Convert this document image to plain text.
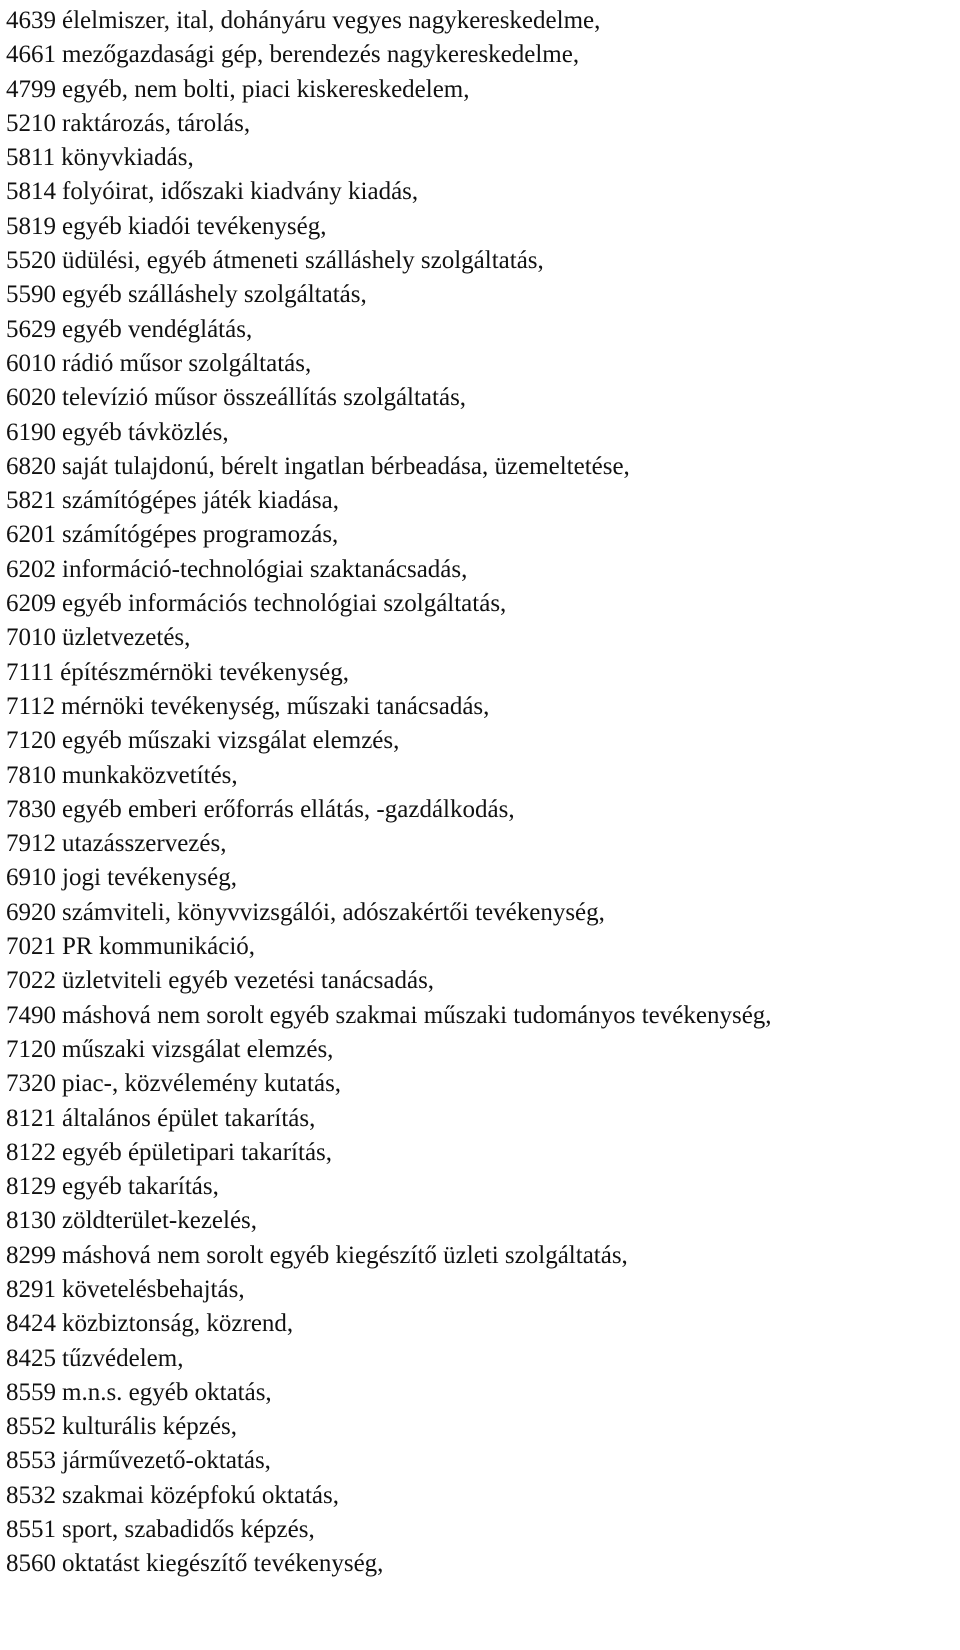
4639 élelmiszer, ital, dohányáru vegyes nagykereskedelme,
4661 mezőgazdasági gép, berendezés nagykereskedelme,
4799 egyéb, nem bolti, piaci kiskereskedelem,
5210 raktározás, tárolás,
5811 könyvkiadás,
5814 folyóirat, időszaki kiadvány kiadás,
5819 egyéb kiadói tevékenység,
5520 üdülési, egyéb átmeneti szálláshely szolgáltatás,
5590 egyéb szálláshely szolgáltatás,
5629 egyéb vendéglátás,
6010 rádió műsor szolgáltatás,
6020 televízió műsor összeállítás szolgáltatás,
6190 egyéb távközlés,
6820 saját tulajdonú, bérelt ingatlan bérbeadása, üzemeltetése,
5821 számítógépes játék kiadása,
6201 számítógépes programozás,
6202 információ-technológiai szaktanácsadás,
6209 egyéb információs technológiai szolgáltatás,
7010 üzletvezetés,
7111 építészmérnöki tevékenység,
7112 mérnöki tevékenység, műszaki tanácsadás,
7120 egyéb műszaki vizsgálat elemzés,
7810 munkaközvetítés,
7830 egyéb emberi erőforrás ellátás, -gazdálkodás,
7912 utazásszervezés,
6910 jogi tevékenység,
6920 számviteli, könyvvizsgálói, adószakértői tevékenység,
7021 PR kommunikáció,
7022 üzletviteli egyéb vezetési tanácsadás,
7490 máshová nem sorolt egyéb szakmai műszaki tudományos tevékenység,
7120 műszaki vizsgálat elemzés,
7320 piac-, közvélemény kutatás,
8121 általános épület takarítás,
8122 egyéb épületipari takarítás,
8129 egyéb takarítás,
8130 zöldterület-kezelés,
8299 máshová nem sorolt egyéb kiegészítő üzleti szolgáltatás,
8291 követelésbehajtás,
8424 közbiztonság, közrend,
8425 tűzvédelem,
8559 m.n.s. egyéb oktatás,
8552 kulturális képzés,
8553 járművezető-oktatás,
8532 szakmai középfokú oktatás,
8551 sport, szabadidős képzés,
8560 oktatást kiegészítő tevékenység,
